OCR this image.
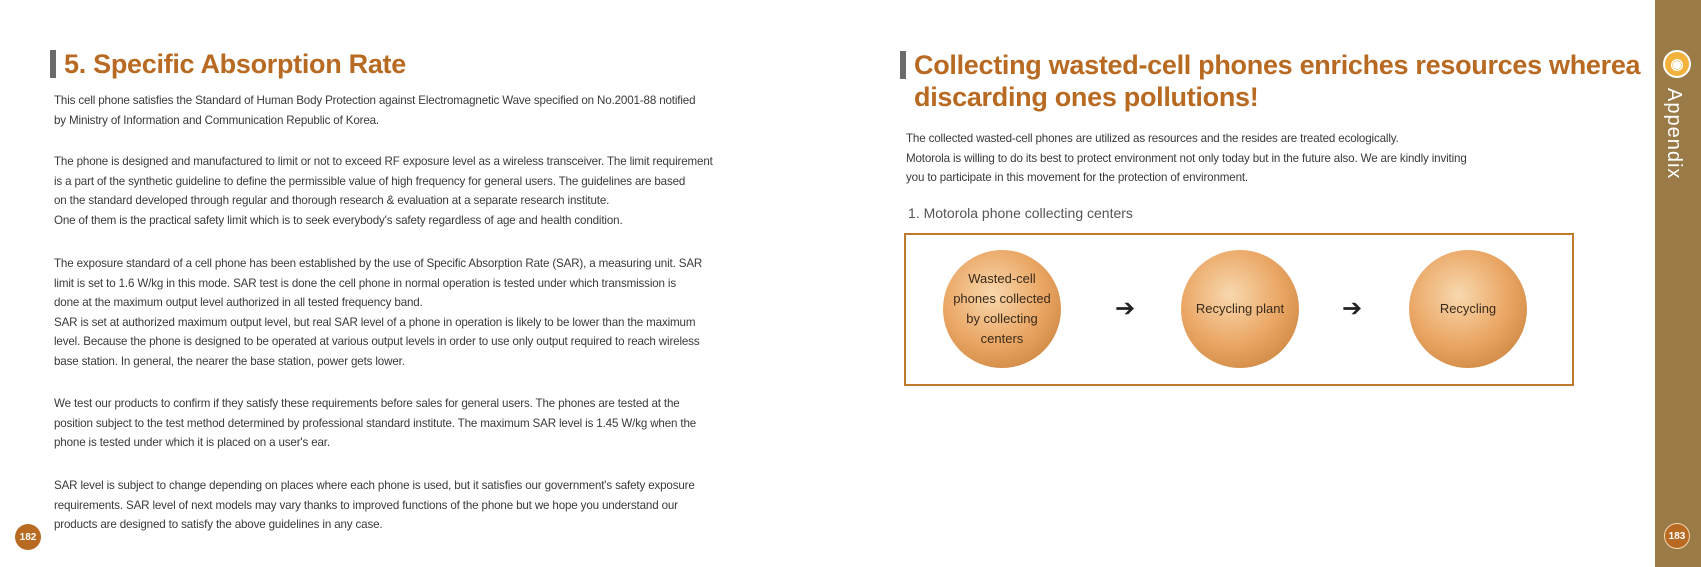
5. Specific Absorption Rate
This cell phone satisfies the Standard of Human Body Protection against Electromagnetic Wave specified on No.2001-88 notified
by Ministry of Information and Communication Republic of Korea.
The phone is designed and manufactured to limit or not to exceed RF exposure level as a wireless transceiver. The limit requirement
is a part of the synthetic guideline to define the permissible value of high frequency for general users. The guidelines are based
on the standard developed through regular and thorough research & evaluation at a separate research institute.
One of them is the practical safety limit which is to seek everybody's safety regardless of age and health condition.
The exposure standard of a cell phone has been established by the use of Specific Absorption Rate (SAR), a measuring unit. SAR
limit is set to 1.6 W/kg in this mode. SAR test is done the cell phone in normal operation is tested under which transmission is
done at the maximum output level authorized in all tested frequency band.
SAR is set at authorized maximum output level, but real SAR level of a phone in operation is likely to be lower than the maximum
level. Because the phone is designed to be operated at various output levels in order to use only output required to reach wireless
base station. In general, the nearer the base station, power gets lower.
We test our products to confirm if they satisfy these requirements before sales for general users. The phones are tested at the
position subject to the test method determined by professional standard institute. The maximum SAR level is 1.45 W/kg when the
phone is tested under which it is placed on a user's ear.
SAR level is subject to change depending on places where each phone is used, but it satisfies our government's safety exposure
requirements. SAR level of next models may vary thanks to improved functions of the phone but we hope you understand our
products are designed to satisfy the above guidelines in any case.
182
Collecting wasted-cell phones enriches resources wherea
discarding ones pollutions!
The collected wasted-cell phones are utilized as resources and the resides are treated ecologically.
Motorola is willing to do its best to protect environment not only today but in the future also. We are kindly inviting
you to participate in this movement for the protection of environment.
1. Motorola phone collecting centers
Wasted-cell
phones collected
by collecting
centers
➔	Recycling plant ➔	Recycling
◉
Appendix
183
